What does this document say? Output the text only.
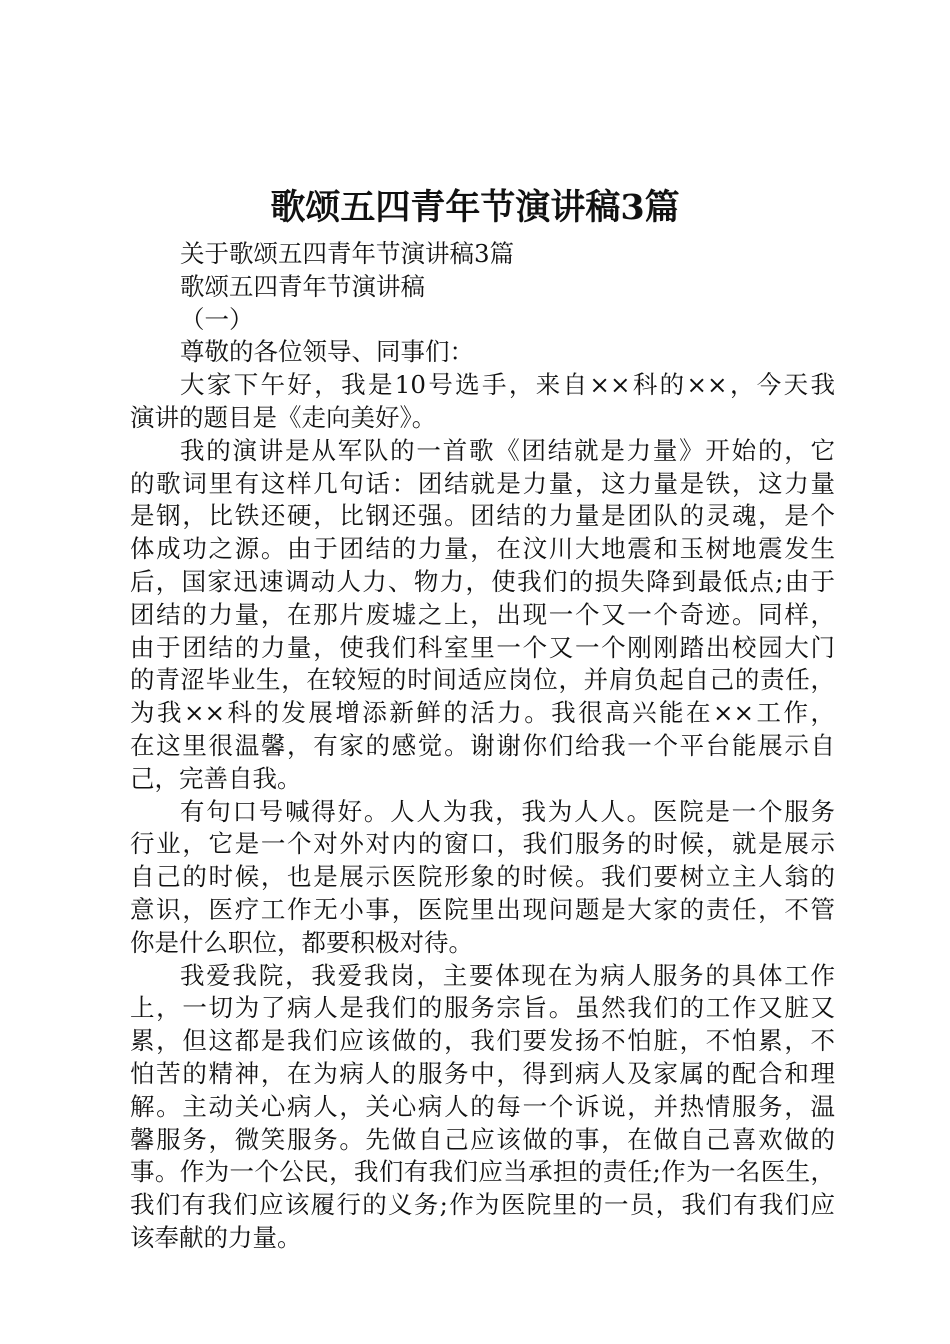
歌颂五四青年节演讲稿3篇
关于歌颂五四青年节演讲稿3篇
歌颂五四青年节演讲稿
（一）
尊敬的各位领导、同事们：
大家下午好，我是10号选手，来自××科的××，今天我
演讲的题目是《走向美好》。
我的演讲是从军队的一首歌《团结就是力量》开始的，它
的歌词里有这样几句话：团结就是力量，这力量是铁，这力量
是钢，比铁还硬，比钢还强。团结的力量是团队的灵魂，是个
体成功之源。由于团结的力量，在汶川大地震和玉树地震发生
后，国家迅速调动人力、物力，使我们的损失降到最低点;由于
团结的力量，在那片废墟之上，出现一个又一个奇迹。同样，
由于团结的力量，使我们科室里一个又一个刚刚踏出校园大门
的青涩毕业生，在较短的时间适应岗位，并肩负起自己的责任，
为我××科的发展增添新鲜的活力。我很高兴能在××工作，
在这里很温馨，有家的感觉。谢谢你们给我一个平台能展示自
己，完善自我。
有句口号喊得好。人人为我，我为人人。医院是一个服务
行业，它是一个对外对内的窗口，我们服务的时候，就是展示
自己的时候，也是展示医院形象的时候。我们要树立主人翁的
意识，医疗工作无小事，医院里出现问题是大家的责任，不管
你是什么职位，都要积极对待。
我爱我院，我爱我岗，主要体现在为病人服务的具体工作
上，一切为了病人是我们的服务宗旨。虽然我们的工作又脏又
累，但这都是我们应该做的，我们要发扬不怕脏，不怕累，不
怕苦的精神，在为病人的服务中，得到病人及家属的配合和理
解。主动关心病人，关心病人的每一个诉说，并热情服务，温
馨服务，微笑服务。先做自己应该做的事，在做自己喜欢做的
事。作为一个公民，我们有我们应当承担的责任;作为一名医生，
我们有我们应该履行的义务;作为医院里的一员，我们有我们应
该奉献的力量。
